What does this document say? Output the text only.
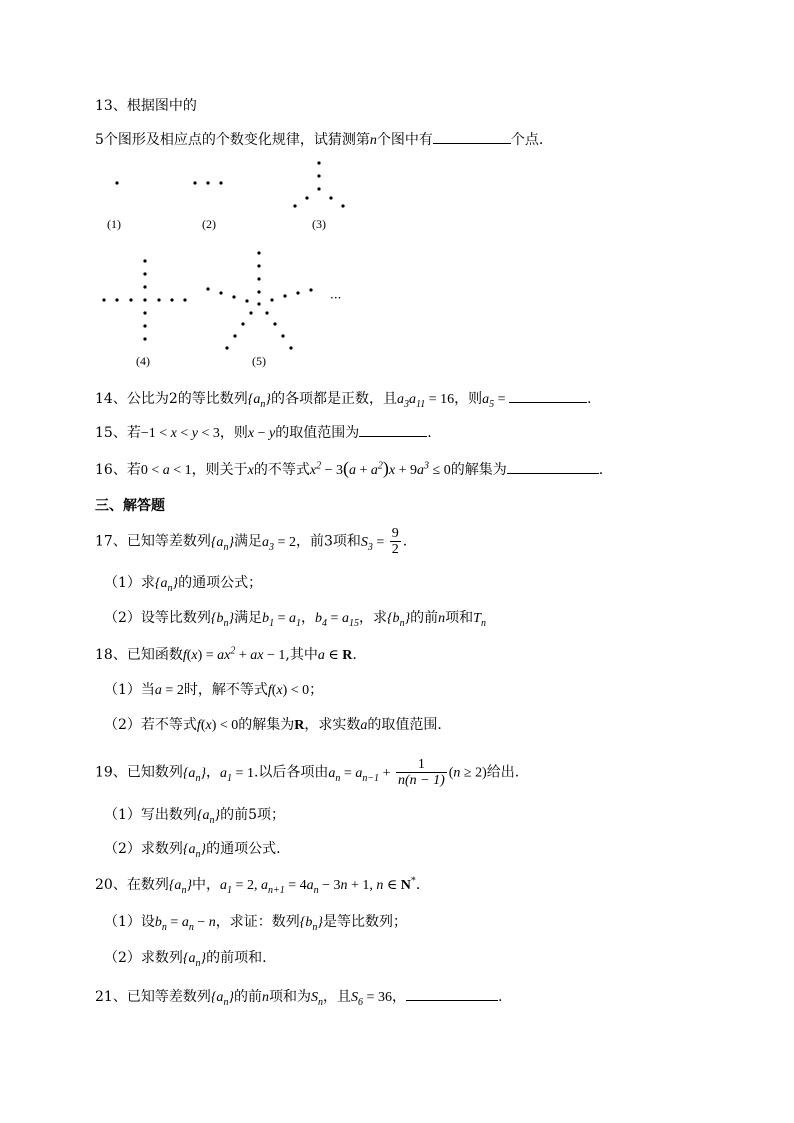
(1)	(2)	(3)
(4)	(5)
···
13、根据图中的
5个图形及相应点的个数变化规律，试猜测第n个图中有	个点.
14、公比为2的等比数列$\{a_n\}$的各项都是正数，且$a_3a_{11} = 16$，则$a_5$ =	.
15、若−1 < x < y < 3，则x − y的取值范围为	.
16、若0 < a < 1，则关于x的不等式$x^2 - 3(a + a^2)x + 9a^3 \le 0$的解集为	.
三、解答题
17、已知等差数列$\{a_n\}$满足$a_3 = 2$，前3项和$S_3 = \frac{9}{2}$ .
（1）求$\{a_n\}$的通项公式；
（2）设等比数列$\{b_n\}$满足$b_1 = a_1$，$b_4 = a_{15}$，求$\{b_n\}$的前n项和$T_n$
18、已知函数$f(x) = ax^2$ + ax − 1,其中a ∈ R.
（1）当a = 2时，解不等式f(x) < 0；
（2）若不等式f(x) < 0的解集为R，求实数a的取值范围.
19、已知数列$\{a_n\}$，$a_1 = 1$.以后各项由$a_n = a_{n-1} + \frac{1}{n(n - 1)} (n \ge 2)$给出.
（1）写出数列$\{a_n\}$的前5项；
（2）求数列$\{a_n\}$的通项公式.
20、在数列$\{a_n\}$中，$a_1 = 2$, $a_{n+1} = 4a_n - 3n + 1$, n ∈ N*.
（1）设$b_n = a_n - n$，求证：数列$\{b_n\}$是等比数列；
（2）求数列$\{a_n\}$的前项和.
21、已知等差数列$\{a_n\}$的前n项和为$S_n$，且$S_6 = 36$，	.
